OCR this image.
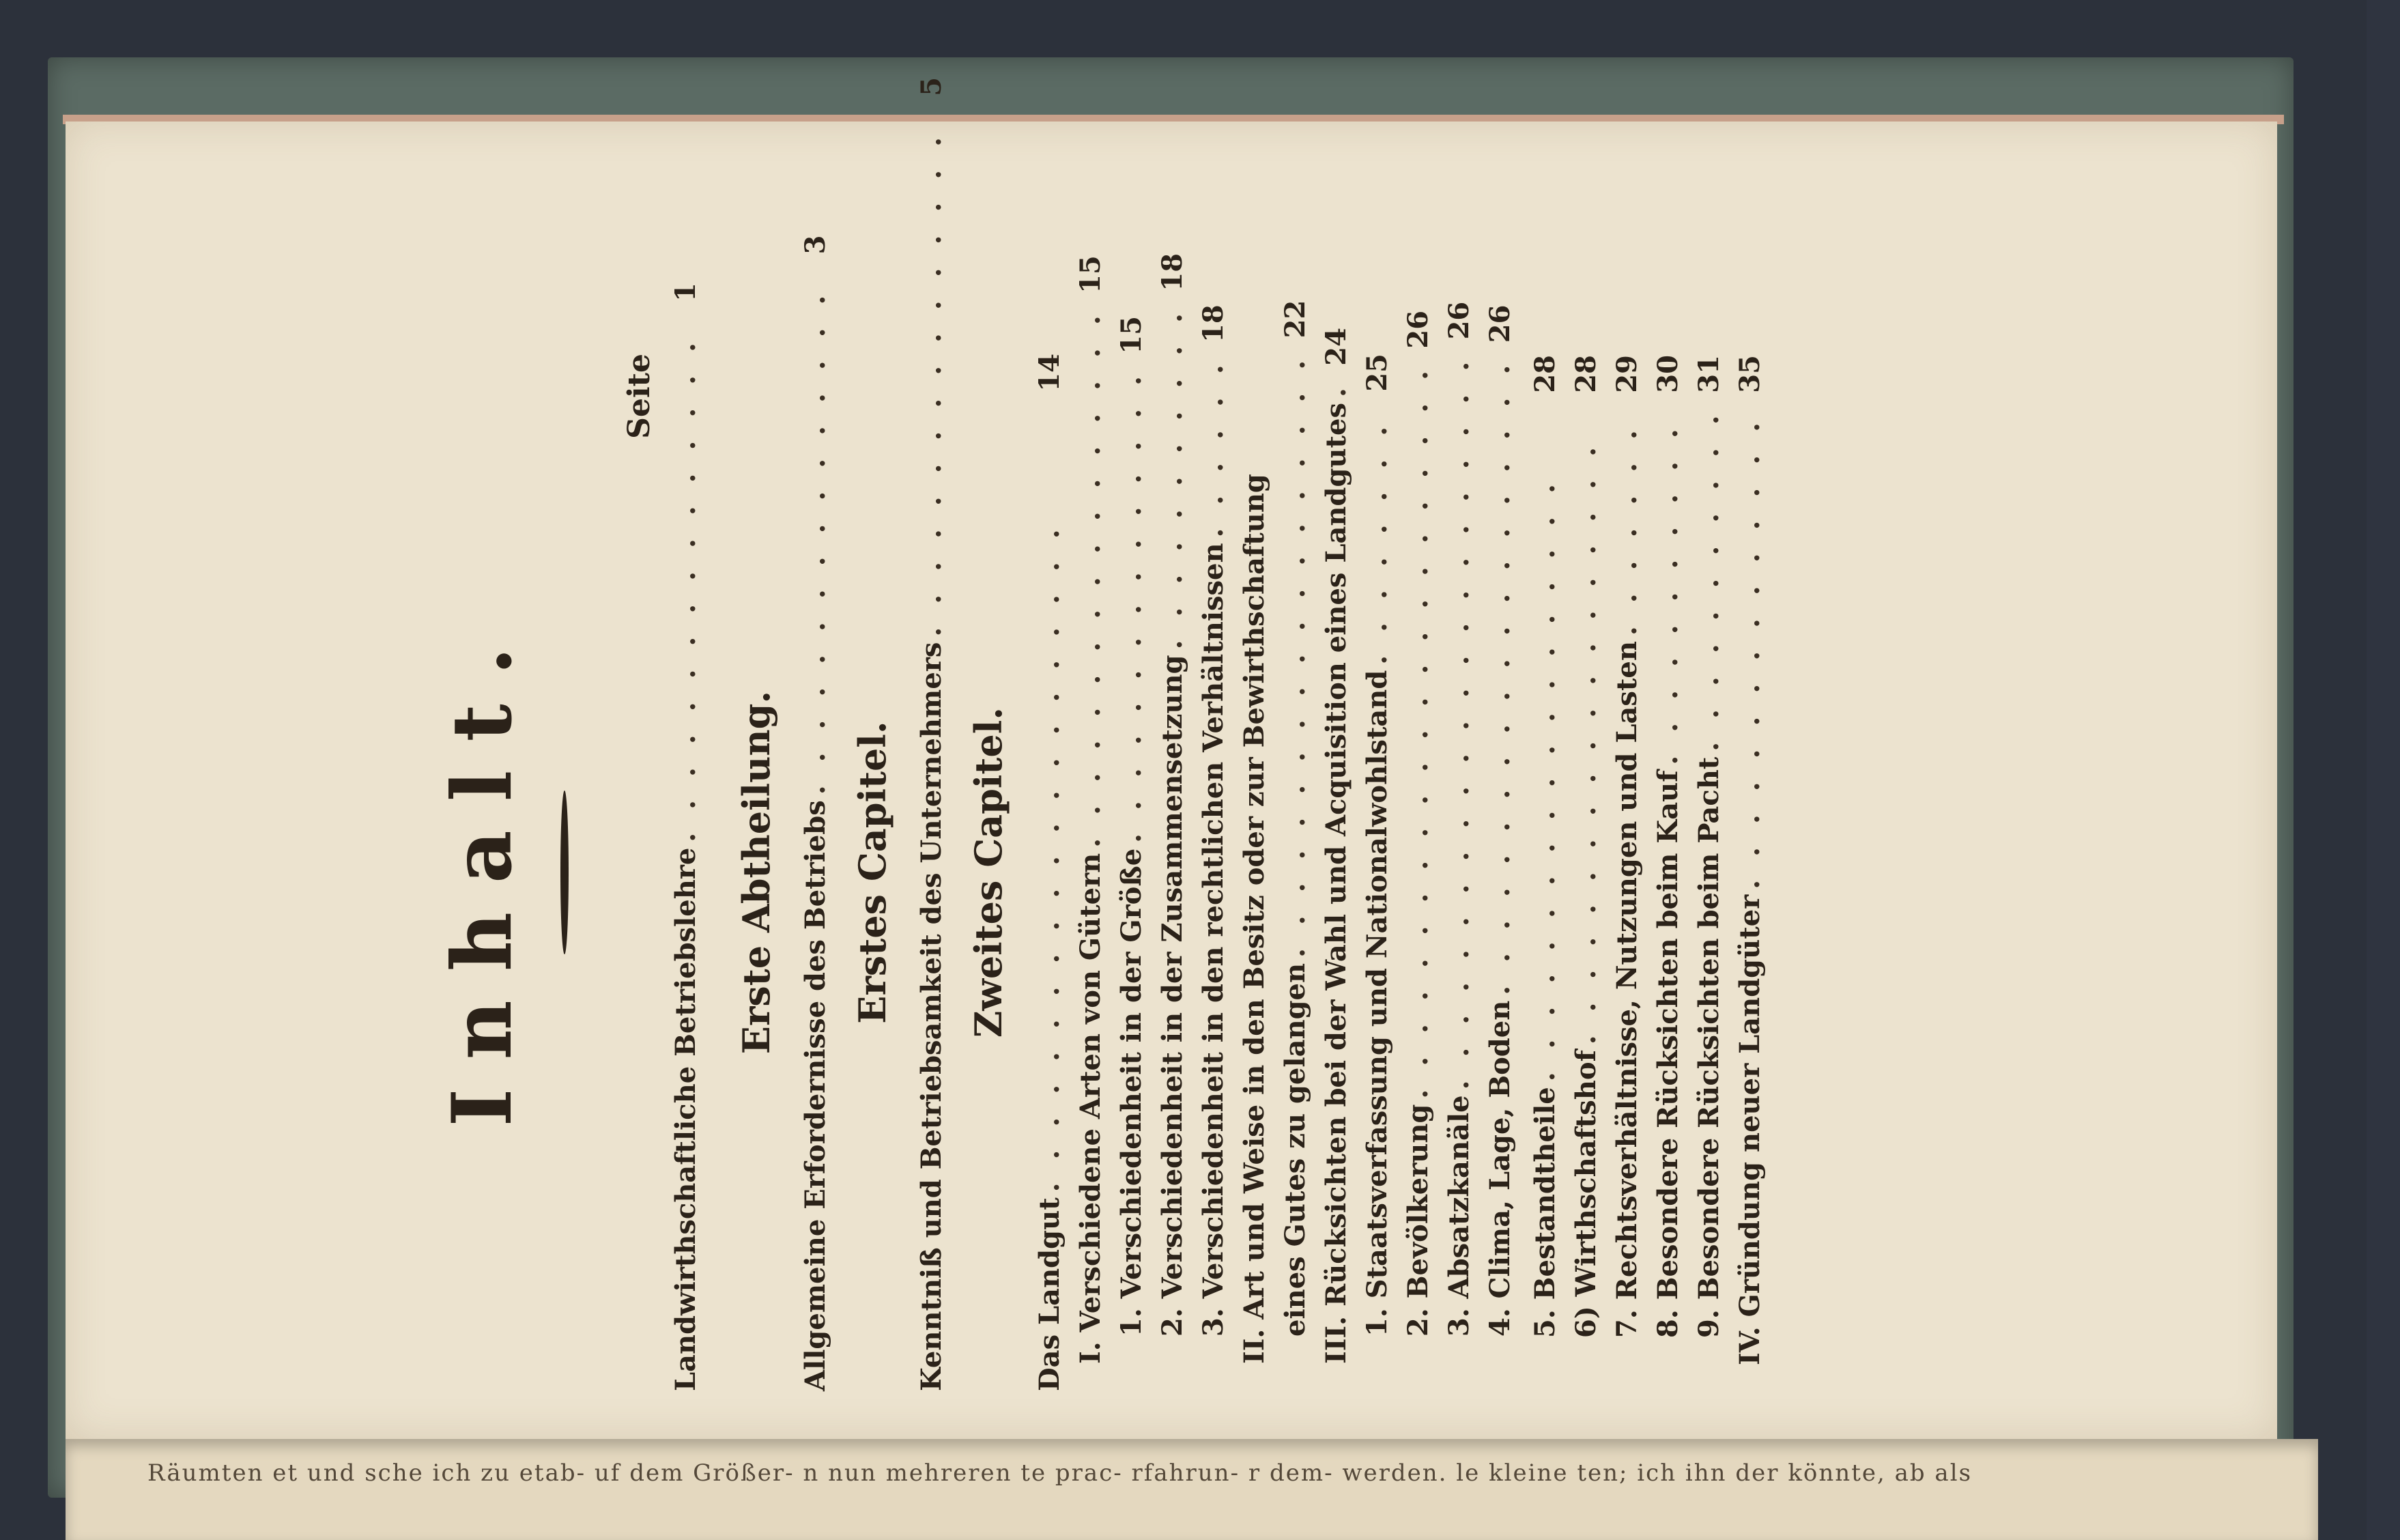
Inhalt.
Seite
Landwirthschaftliche Betriebslehre
. . . . . . . . . . . . . . . .
1
Erste Abtheilung. Allgemeine Erfordernisse des Betriebs
. . . . . . . . . . . . . . . .
3
Erstes Capitel. Kenntniß und Betriebsamkeit des Unternehmers
. . . . . . . . . . . . . . . .
5
Zweites Capitel.
Das Landgut
. . . . . . . . . . . . . . . . . . . . .
14
I. Verschiedene Arten von Gütern
. . . . . . . . . . . . . . . . .
15
1. Verschiedenheit in der Größe
. . . . . . . . . . . . . . .
15
2. Verschiedenheit in der Zusammensetzung
. . . . . . . . . . .
18
3. Verschiedenheit in den rechtlichen Verhältnissen
. . . . . .
18
II. Art und Weise in den Besitz oder zur Bewirthschaftung eines Gutes zu gelangen
. . . . . . . . . . . . . . . . . . .
22
III. Rücksichten bei der Wahl und Acquisition eines Landgutes
.
24
1. Staatsverfassung und Nationalwohlstand
. . . . . . . .
25
2. Bevölkerung
. . . . . . . . . . . . . . . . . . . . . . .
26
3. Absatzkanäle
. . . . . . . . . . . . . . . . . . . . . . .
26
4. Clima, Lage, Boden
. . . . . . . . . . . . . . . . . . . .
26
5. Bestandtheile
. . . . . . . . . . . . . . . . . . .
28
6) Wirthschaftshof
. . . . . . . . . . . . . . . . . . .
28
7. Rechtsverhältnisse, Nutzungen und Lasten
. . . . . . .
29
8. Besondere Rücksichten beim Kauf
. . . . . . . . . . .
30
9. Besondere Rücksichten beim Pacht
. . . . . . . . . . .
31
IV. Gründung neuer Landgüter
. . . . . . . . . . . . . . .
35
Räumten et und sche ich zu etab- uf dem Größer- n nun mehreren te prac- rfahrun- r dem- werden. le kleine ten; ich ihn der könnte, ab als
